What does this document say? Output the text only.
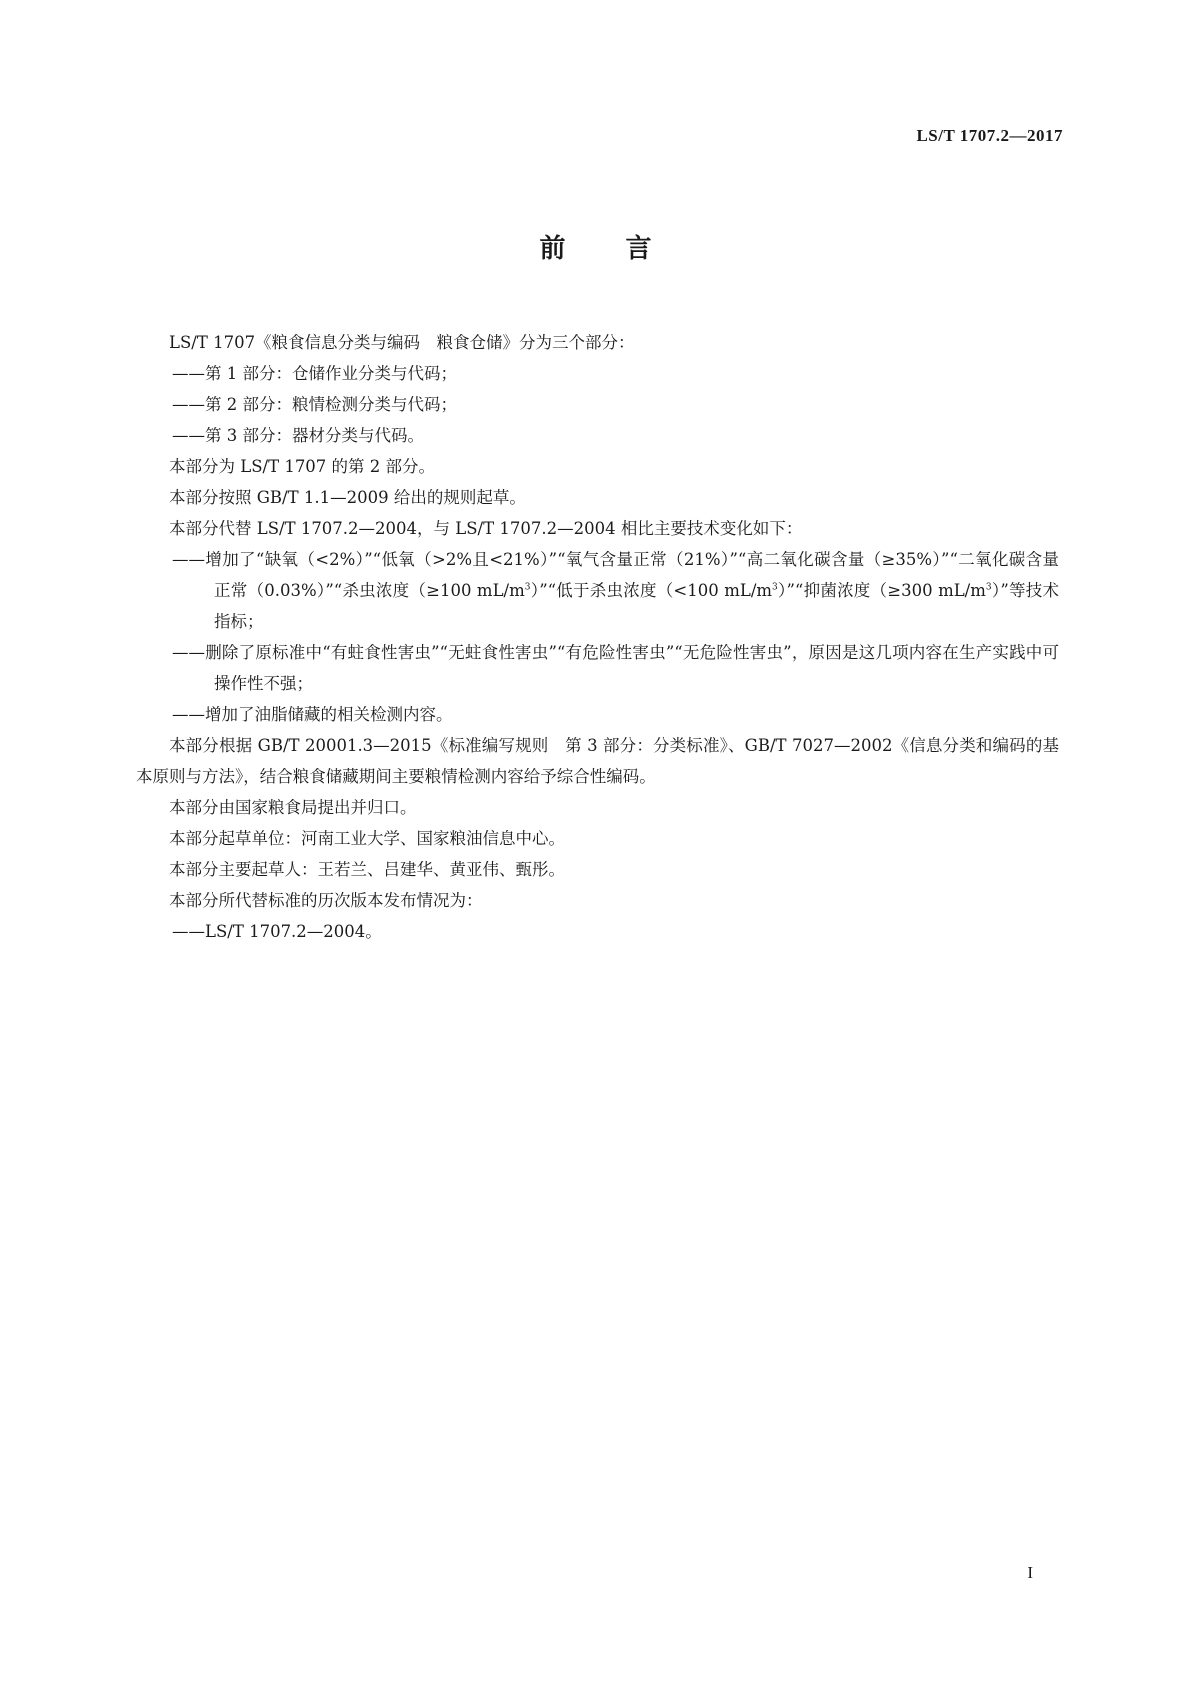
LS/T 1707.2—2017
前言

LS/T 1707《粮食信息分类与编码　粮食仓储》分为三个部分：

——第 1 部分：仓储作业分类与代码；

——第 2 部分：粮情检测分类与代码；

——第 3 部分：器材分类与代码。

本部分为 LS/T 1707 的第 2 部分。

本部分按照 GB/T 1.1—2009 给出的规则起草。

本部分代替 LS/T 1707.2—2004，与 LS/T 1707.2—2004 相比主要技术变化如下：

——增加了“缺氧（<2%）”“低氧（>2%且<21%）”“氧气含量正常（21%）”“高二氧化碳含量（≥35%）”“二氧化碳含量正常（0.03%）”“杀虫浓度（≥100 $mL/m^3)”“$低于杀虫浓度（<100 $mL/m^3)”“$抑菌浓度（≥300 $mL/m^3$）”等技术指标；

——删除了原标准中“有蛀食性害虫”“无蛀食性害虫”“有危险性害虫”“无危险性害虫”，原因是这几项内容在生产实践中可操作性不强；

——增加了油脂储藏的相关检测内容。

本部分根据 GB/T 20001.3—2015《标准编写规则　第 3 部分：分类标准》、GB/T 7027—2002《信息分类和编码的基本原则与方法》，结合粮食储藏期间主要粮情检测内容给予综合性编码。

本部分由国家粮食局提出并归口。

本部分起草单位：河南工业大学、国家粮油信息中心。

本部分主要起草人：王若兰、吕建华、黄亚伟、甄彤。

本部分所代替标准的历次版本发布情况为：

——LS/T 1707.2—2004。

I
